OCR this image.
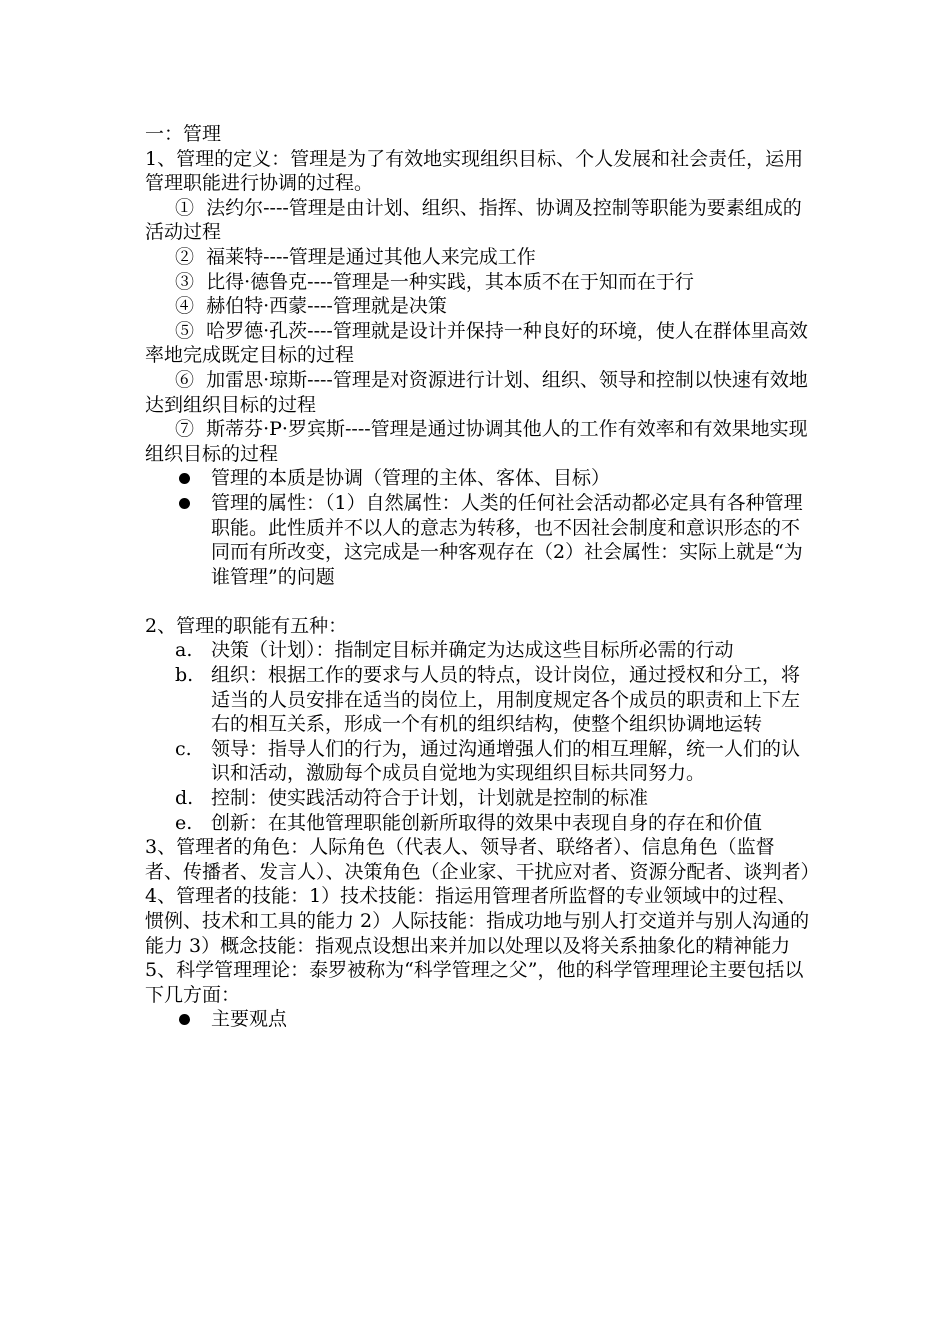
一：管理

1、管理的定义：管理是为了有效地实现组织目标、个人发展和社会责任，运用管理职能进行协调的过程。

① 法约尔----管理是由计划、组织、指挥、协调及控制等职能为要素组成的活动过程

② 福莱特----管理是通过其他人来完成工作

③ 比得·德鲁克----管理是一种实践，其本质不在于知而在于行

④ 赫伯特·西蒙----管理就是决策

⑤ 哈罗德·孔茨----管理就是设计并保持一种良好的环境，使人在群体里高效率地完成既定目标的过程

⑥ 加雷思·琼斯----管理是对资源进行计划、组织、领导和控制以快速有效地达到组织目标的过程

⑦ 斯蒂芬·P·罗宾斯----管理是通过协调其他人的工作有效率和有效果地实现组织目标的过程

管理的本质是协调（管理的主体、客体、目标）

管理的属性：（1）自然属性：人类的任何社会活动都必定具有各种管理职能。此性质并不以人的意志为转移，也不因社会制度和意识形态的不同而有所改变，这完成是一种客观存在（2）社会属性：实际上就是“为谁管理”的问题

2、管理的职能有五种：

a. 决策（计划）：指制定目标并确定为达成这些目标所必需的行动

b. 组织：根据工作的要求与人员的特点，设计岗位，通过授权和分工，将适当的人员安排在适当的岗位上，用制度规定各个成员的职责和上下左右的相互关系，形成一个有机的组织结构，使整个组织协调地运转

c. 领导：指导人们的行为，通过沟通增强人们的相互理解，统一人们的认识和活动，激励每个成员自觉地为实现组织目标共同努力。

d. 控制：使实践活动符合于计划，计划就是控制的标准

e. 创新：在其他管理职能创新所取得的效果中表现自身的存在和价值

3、管理者的角色：人际角色（代表人、领导者、联络者）、信息角色（监督者、传播者、发言人）、决策角色（企业家、干扰应对者、资源分配者、谈判者）

4、管理者的技能：1）技术技能：指运用管理者所监督的专业领域中的过程、惯例、技术和工具的能力 2）人际技能：指成功地与别人打交道并与别人沟通的能力 3）概念技能：指观点设想出来并加以处理以及将关系抽象化的精神能力

5、科学管理理论：泰罗被称为“科学管理之父”，他的科学管理理论主要包括以下几方面：

主要观点
